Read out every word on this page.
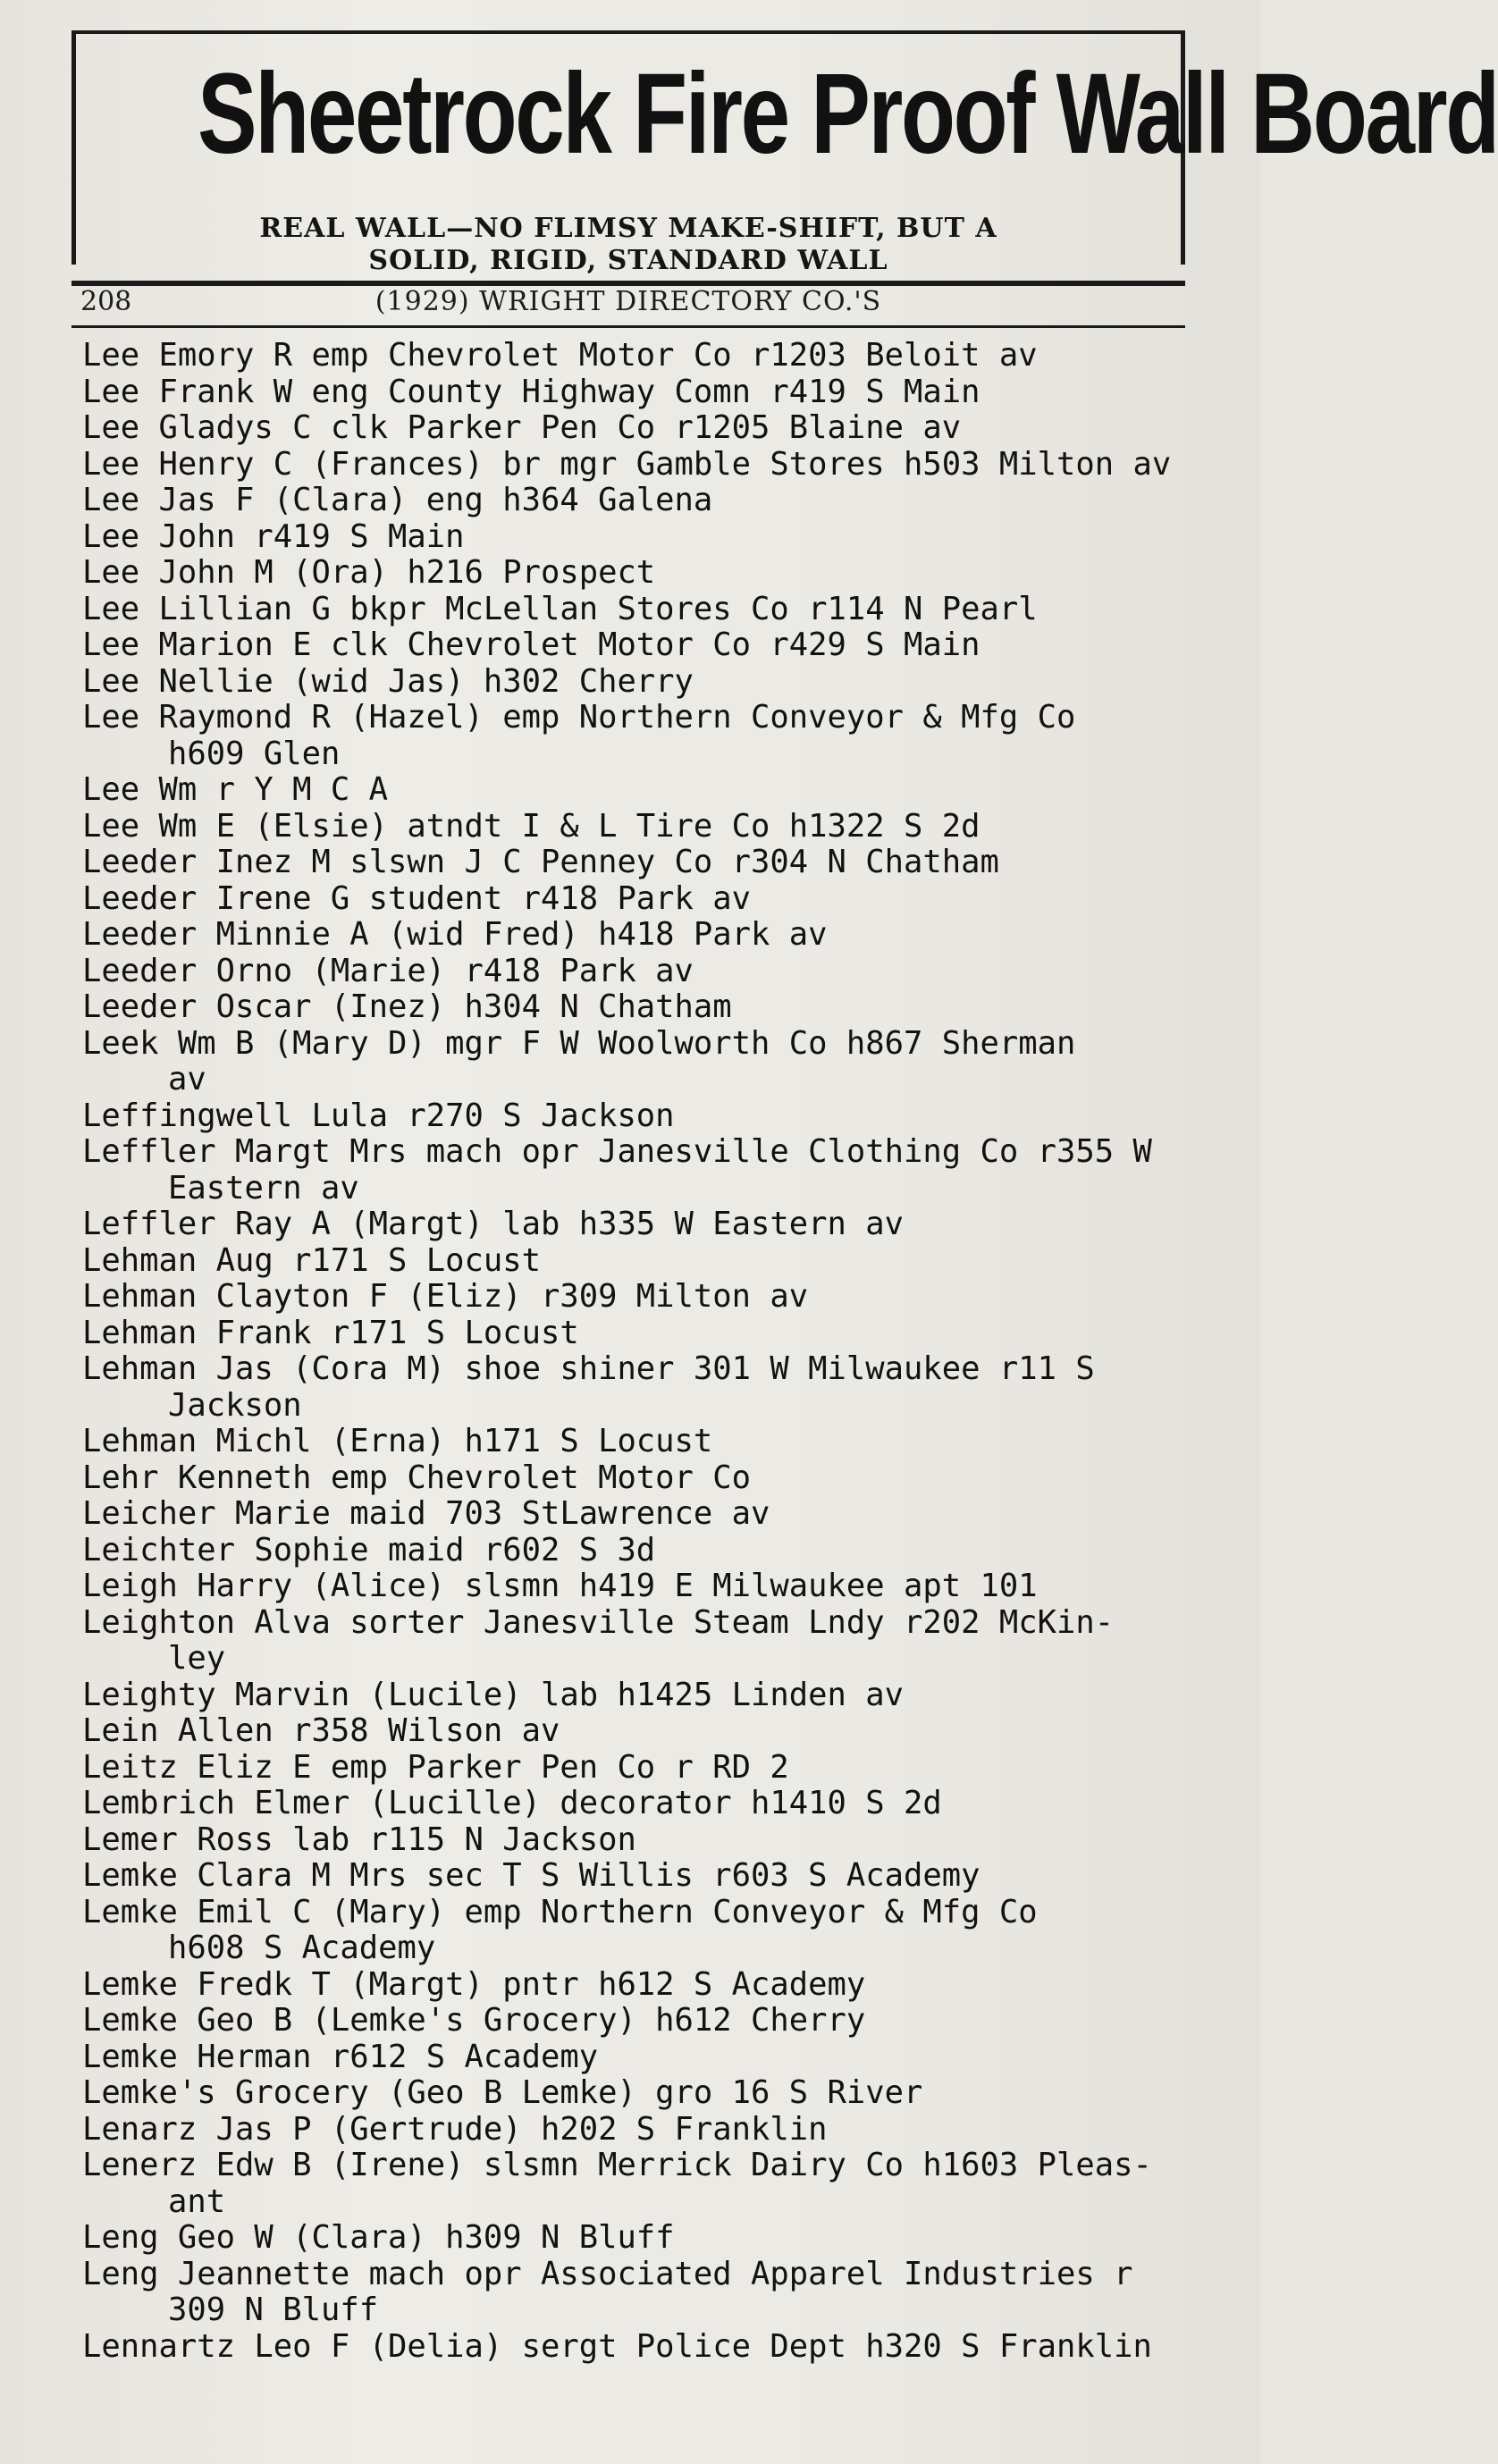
Sheetrock Fire Proof Wall Board
REAL WALL—NO FLIMSY MAKE-SHIFT, BUT A
SOLID, RIGID, STANDARD WALL
208	(1929) WRIGHT DIRECTORY CO.'S
Lee Emory R emp Chevrolet Motor Co r1203 Beloit av
Lee Frank W eng County Highway Comn r419 S Main
Lee Gladys C clk Parker Pen Co r1205 Blaine av
Lee Henry C (Frances) br mgr Gamble Stores h503 Milton av
Lee Jas F (Clara) eng h364 Galena
Lee John r419 S Main
Lee John M (Ora) h216 Prospect
Lee Lillian G bkpr McLellan Stores Co r114 N Pearl
Lee Marion E clk Chevrolet Motor Co r429 S Main
Lee Nellie (wid Jas) h302 Cherry
Lee Raymond R (Hazel) emp Northern Conveyor & Mfg Co
h609 Glen
Lee Wm r Y M C A
Lee Wm E (Elsie) atndt I & L Tire Co h1322 S 2d
Leeder Inez M slswn J C Penney Co r304 N Chatham
Leeder Irene G student r418 Park av
Leeder Minnie A (wid Fred) h418 Park av
Leeder Orno (Marie) r418 Park av
Leeder Oscar (Inez) h304 N Chatham
Leek Wm B (Mary D) mgr F W Woolworth Co h867 Sherman
av
Leffingwell Lula r270 S Jackson
Leffler Margt Mrs mach opr Janesville Clothing Co r355 W
Eastern av
Leffler Ray A (Margt) lab h335 W Eastern av
Lehman Aug r171 S Locust
Lehman Clayton F (Eliz) r309 Milton av
Lehman Frank r171 S Locust
Lehman Jas (Cora M) shoe shiner 301 W Milwaukee r11 S
Jackson
Lehman Michl (Erna) h171 S Locust
Lehr Kenneth emp Chevrolet Motor Co
Leicher Marie maid 703 StLawrence av
Leichter Sophie maid r602 S 3d
Leigh Harry (Alice) slsmn h419 E Milwaukee apt 101
Leighton Alva sorter Janesville Steam Lndy r202 McKin-
ley
Leighty Marvin (Lucile) lab h1425 Linden av
Lein Allen r358 Wilson av
Leitz Eliz E emp Parker Pen Co r RD 2
Lembrich Elmer (Lucille) decorator h1410 S 2d
Lemer Ross lab r115 N Jackson
Lemke Clara M Mrs sec T S Willis r603 S Academy
Lemke Emil C (Mary) emp Northern Conveyor & Mfg Co
h608 S Academy
Lemke Fredk T (Margt) pntr h612 S Academy
Lemke Geo B (Lemke's Grocery) h612 Cherry
Lemke Herman r612 S Academy
Lemke's Grocery (Geo B Lemke) gro 16 S River
Lenarz Jas P (Gertrude) h202 S Franklin
Lenerz Edw B (Irene) slsmn Merrick Dairy Co h1603 Pleas-
ant
Leng Geo W (Clara) h309 N Bluff
Leng Jeannette mach opr Associated Apparel Industries r
309 N Bluff
Lennartz Leo F (Delia) sergt Police Dept h320 S Franklin
